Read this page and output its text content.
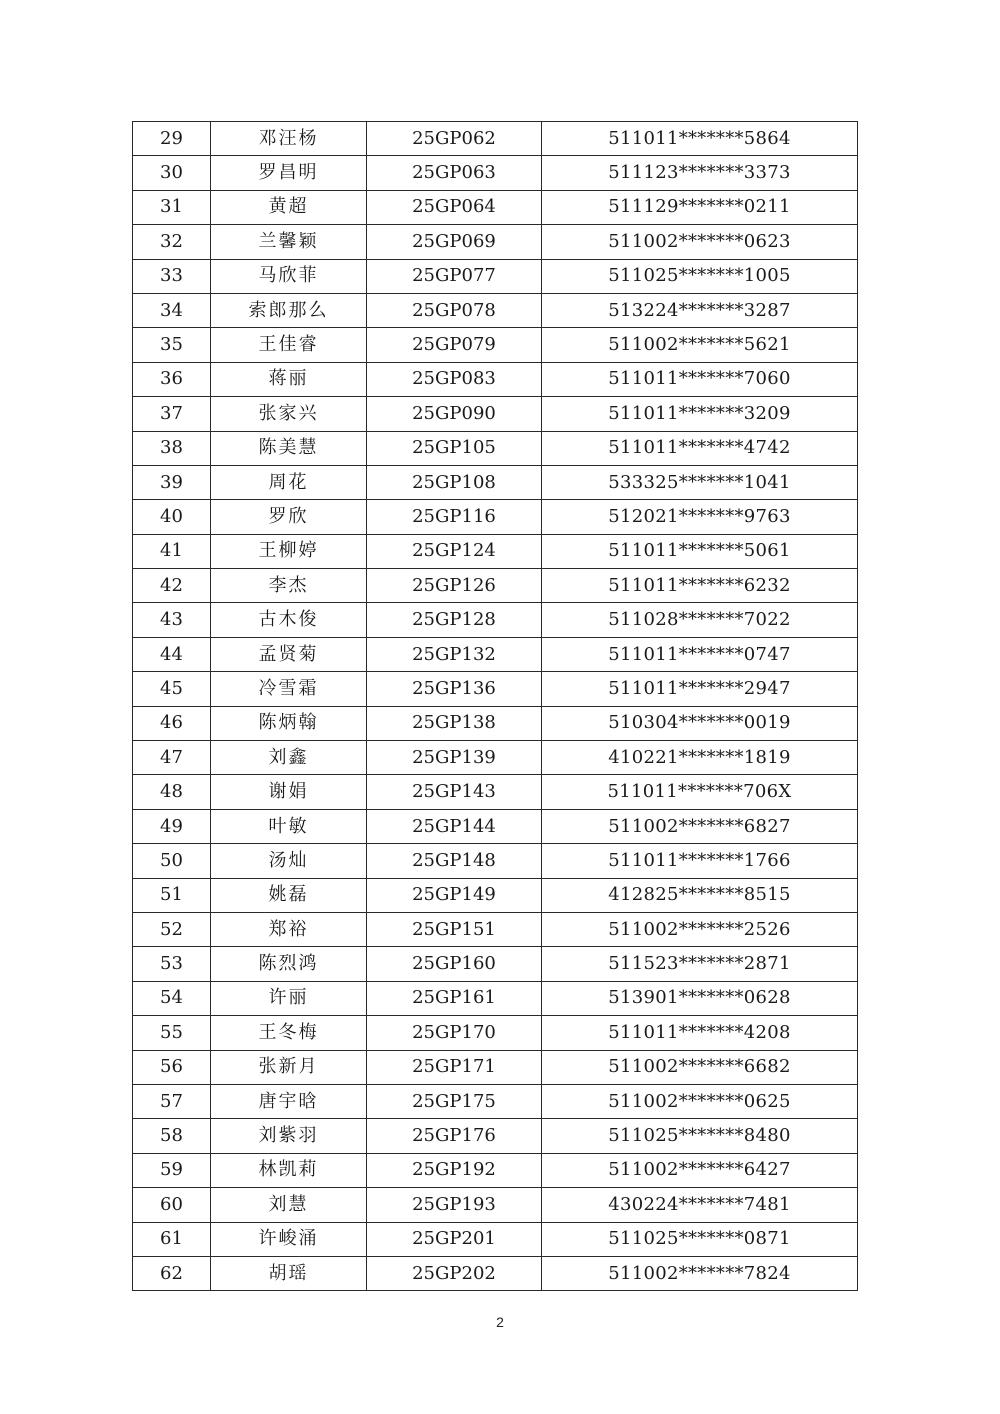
29	邓汪杨	25GP062	511011*******5864
30	罗昌明	25GP063	511123*******3373
31	黄超	25GP064	511129*******0211
32	兰馨颖	25GP069	511002*******0623
33	马欣菲	25GP077	511025*******1005
34	索郎那么	25GP078	513224*******3287
35	王佳睿	25GP079	511002*******5621
36	蒋丽	25GP083	511011*******7060
37	张家兴	25GP090	511011*******3209
38	陈美慧	25GP105	511011*******4742
39	周花	25GP108	533325*******1041
40	罗欣	25GP116	512021*******9763
41	王柳婷	25GP124	511011*******5061
42	李杰	25GP126	511011*******6232
43	古木俊	25GP128	511028*******7022
44	孟贤菊	25GP132	511011*******0747
45	冷雪霜	25GP136	511011*******2947
46	陈炳翰	25GP138	510304*******0019
47	刘鑫	25GP139	410221*******1819
48	谢娟	25GP143	511011*******706X
49	叶敏	25GP144	511002*******6827
50	汤灿	25GP148	511011*******1766
51	姚磊	25GP149	412825*******8515
52	郑裕	25GP151	511002*******2526
53	陈烈鸿	25GP160	511523*******2871
54	许丽	25GP161	513901*******0628
55	王冬梅	25GP170	511011*******4208
56	张新月	25GP171	511002*******6682
57	唐宇晗	25GP175	511002*******0625
58	刘紫羽	25GP176	511025*******8480
59	林凯莉	25GP192	511002*******6427
60	刘慧	25GP193	430224*******7481
61	许峻涌	25GP201	511025*******0871
62	胡瑶	25GP202	511002*******7824
2
